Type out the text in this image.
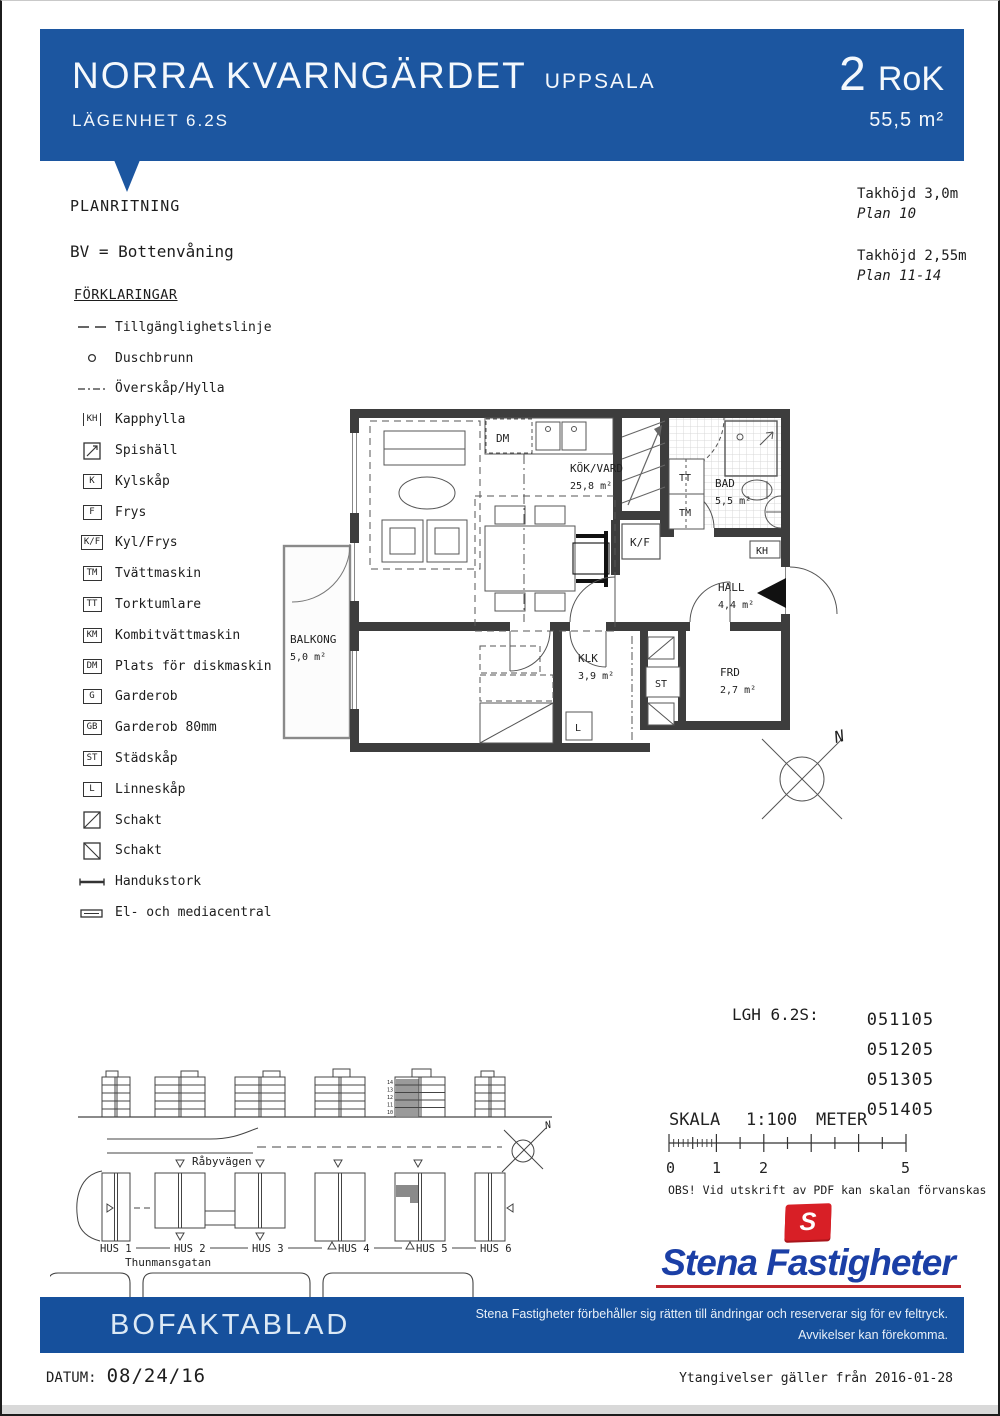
NORRA KVARNGÄRDET UPPSALA
LÄGENHET 6.2S
2 RoK
55,5 m²
Takhöjd 3,0m
Plan 10
Takhöjd 2,55m
Plan 11-14
PLANRITNING
BV = Bottenvåning
FÖRKLARINGAR
Tillgänglighetslinje
Duschbrunn
Överskåp/Hylla
KH	Kapphylla
Spishäll
K	Kylskåp
F	Frys
K/F Kyl/Frys
TM	Tvättmaskin
TT	Torktumlare
KM	Kombitvättmaskin
DM	Plats för diskmaskin
G	Garderob
GB	Garderob 80mm
ST	Städskåp
L	Linneskåp
Schakt
Schakt
Handukstork
El- och mediacentral
BALKONG
5,0 m²
DM
K/F
KÖK/VARD
25,8 m²
TT
TM
BAD
5,5 m²
KH
HALL
4,4 m²
KLK
3,9 m²
L
ST
FRD
2,7 m²
N
LGH 6.2S:	051105
051205
051305
051405
SKALA 1:100 METER
0 1	2	5
OBS! Vid utskrift av PDF kan skalan förvanskas
14
13
12
11
10
Råbyvägen
HUS 1	HUS 2	HUS 3	HUS 4	HUS 5	HUS 6
Thunmansgatan
N
S
Stena Fastigheter
BOFAKTABLAD	Stena Fastigheter förbehåller sig rätten till ändringar och reserverar sig för ev feltryck.
Avvikelser kan förekomma.
DATUM: 08/24/16	Ytangivelser gäller från 2016-01-28
